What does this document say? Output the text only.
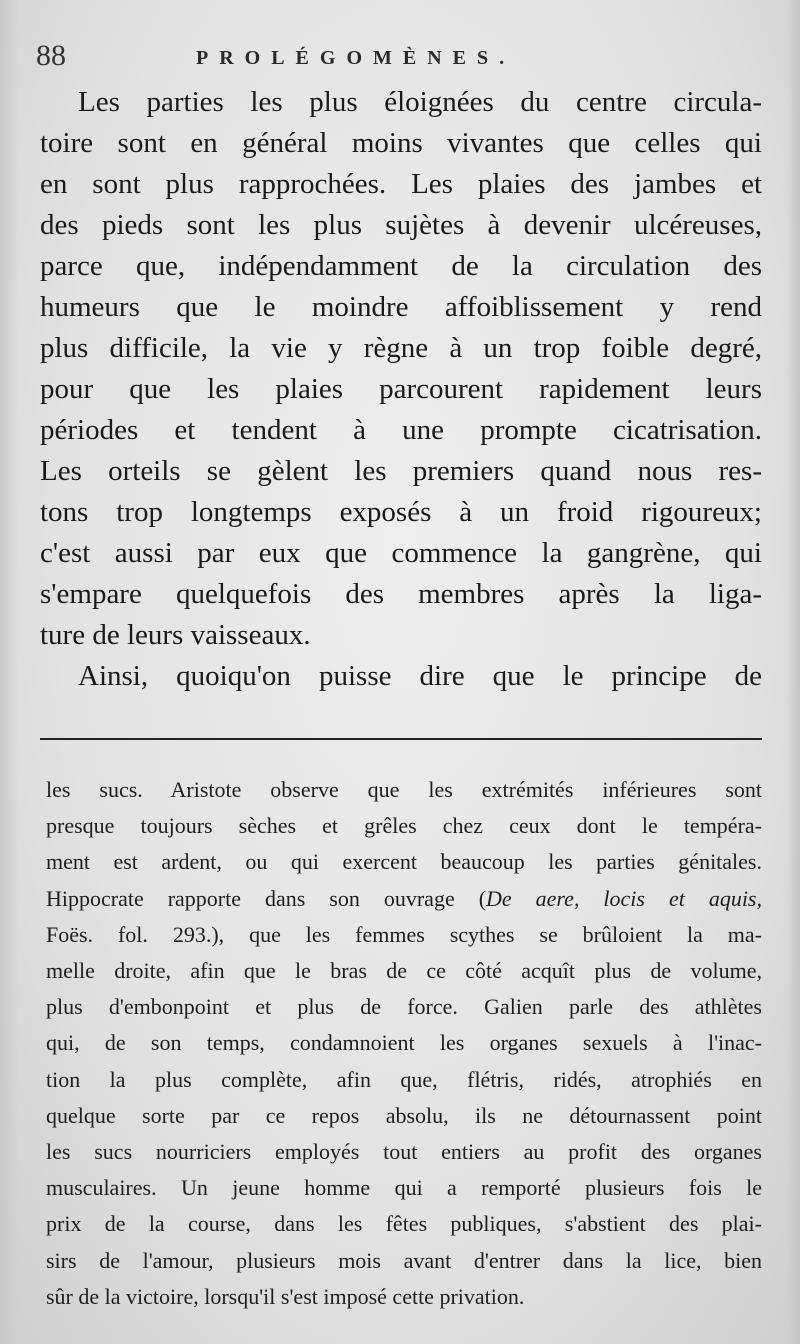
88	PROLÉGOMÈNES.
Les parties les plus éloignées du centre circula-
toire sont en général moins vivantes que celles qui
en sont plus rapprochées. Les plaies des jambes et
des pieds sont les plus sujètes à devenir ulcéreuses,
parce que, indépendamment de la circulation des
humeurs que le moindre affoiblissement y rend
plus difficile, la vie y règne à un trop foible degré,
pour que les plaies parcourent rapidement leurs
périodes et tendent à une prompte cicatrisation.
Les orteils se gèlent les premiers quand nous res-
tons trop longtemps exposés à un froid rigoureux;
c'est aussi par eux que commence la gangrène, qui
s'empare quelquefois des membres après la liga-
ture de leurs vaisseaux.
Ainsi, quoiqu'on puisse dire que le principe de
les sucs. Aristote observe que les extrémités inférieures sont
presque toujours sèches et grêles chez ceux dont le tempéra-
ment est ardent, ou qui exercent beaucoup les parties génitales.
Hippocrate rapporte dans son ouvrage (De aere, locis et aquis,
Foës. fol. 293.), que les femmes scythes se brûloient la ma-
melle droite, afin que le bras de ce côté acquît plus de volume,
plus d'embonpoint et plus de force. Galien parle des athlètes
qui, de son temps, condamnoient les organes sexuels à l'inac-
tion la plus complète, afin que, flétris, ridés, atrophiés en
quelque sorte par ce repos absolu, ils ne détournassent point
les sucs nourriciers employés tout entiers au profit des organes
musculaires. Un jeune homme qui a remporté plusieurs fois le
prix de la course, dans les fêtes publiques, s'abstient des plai-
sirs de l'amour, plusieurs mois avant d'entrer dans la lice, bien
sûr de la victoire, lorsqu'il s'est imposé cette privation.
